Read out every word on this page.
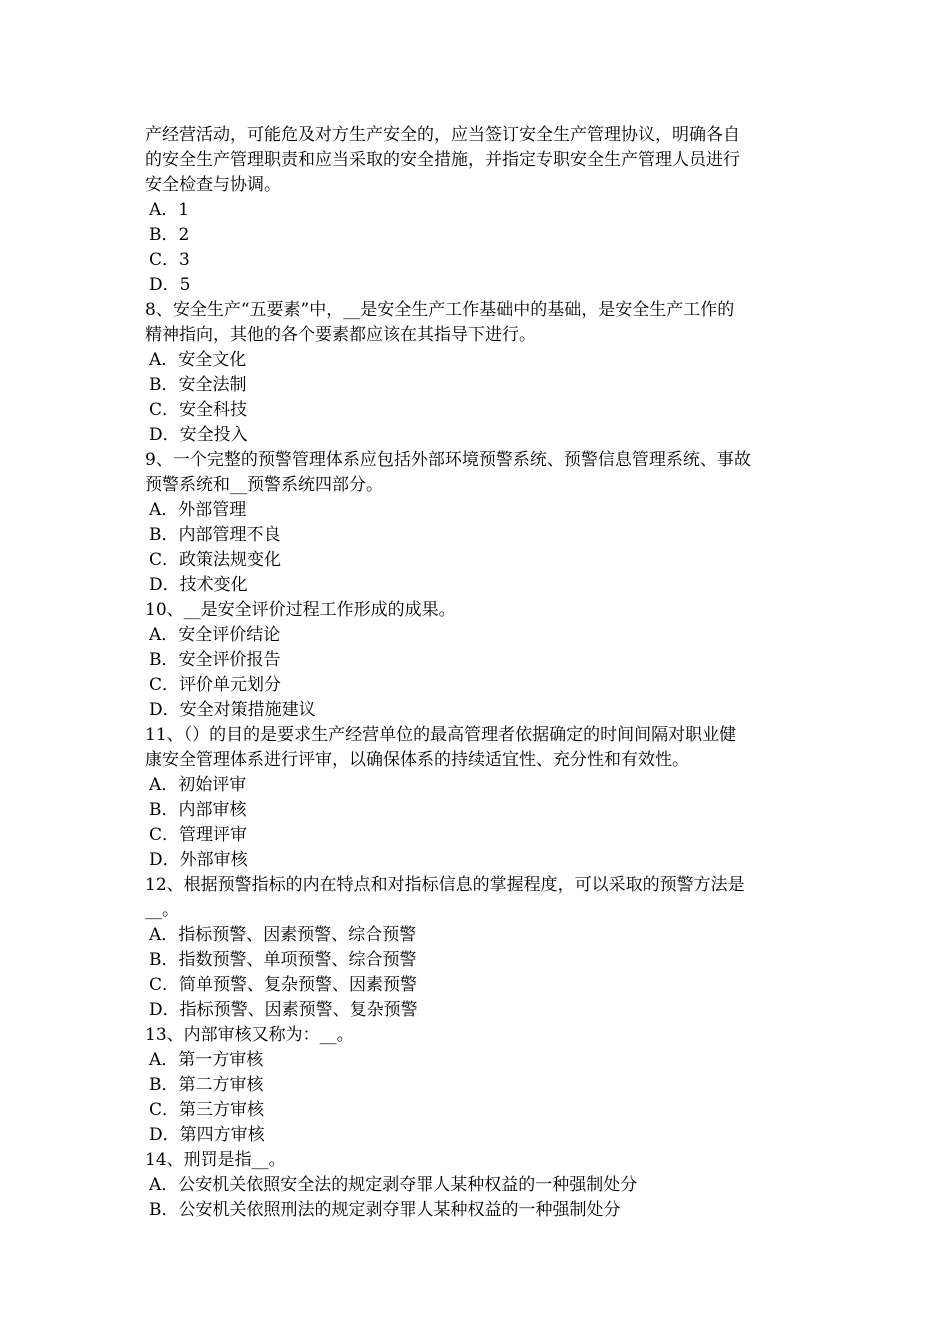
产经营活动，可能危及对方生产安全的，应当签订安全生产管理协议，明确各自
的安全生产管理职责和应当采取的安全措施，并指定专职安全生产管理人员进行
安全检查与协调。
A．1
B．2
C．3
D．5
8、安全生产“五要素”中，__是安全生产工作基础中的基础，是安全生产工作的
精神指向，其他的各个要素都应该在其指导下进行。
A．安全文化
B．安全法制
C．安全科技
D．安全投入
9、一个完整的预警管理体系应包括外部环境预警系统、预警信息管理系统、事故
预警系统和__预警系统四部分。
A．外部管理
B．内部管理不良
C．政策法规变化
D．技术变化
10、__是安全评价过程工作形成的成果。
A．安全评价结论
B．安全评价报告
C．评价单元划分
D．安全对策措施建议
11、（）的目的是要求生产经营单位的最高管理者依据确定的时间间隔对职业健
康安全管理体系进行评审，以确保体系的持续适宜性、充分性和有效性。
A．初始评审
B．内部审核
C．管理评审
D．外部审核
12、根据预警指标的内在特点和对指标信息的掌握程度，可以采取的预警方法是
__。
A．指标预警、因素预警、综合预警
B．指数预警、单项预警、综合预警
C．简单预警、复杂预警、因素预警
D．指标预警、因素预警、复杂预警
13、内部审核又称为：__。
A．第一方审核
B．第二方审核
C．第三方审核
D．第四方审核
14、刑罚是指__。
A．公安机关依照安全法的规定剥夺罪人某种权益的一种强制处分
B．公安机关依照刑法的规定剥夺罪人某种权益的一种强制处分
